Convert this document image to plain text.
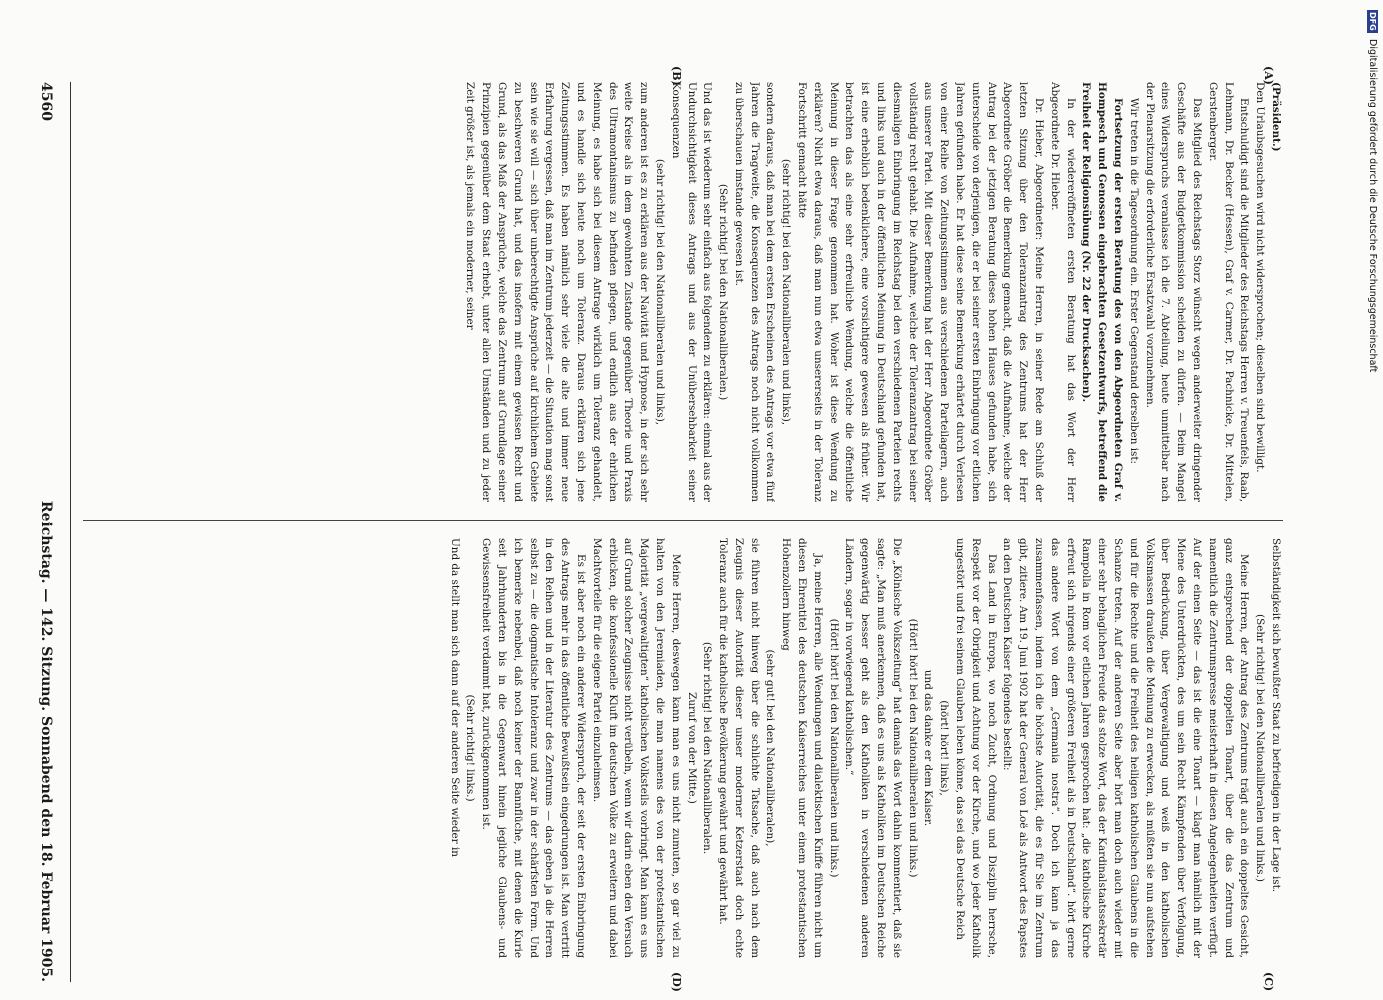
4560
Reichstag. — 142. Sitzung. Sonnabend den 18. Februar 1905.
(A)
(B)
(C)
(D)

(Präsident.)

Den Urlaubsgesuchen wird nicht widersprochen; dieselben sind bewilligt.

Entschuldigt sind die Mitglieder des Reichstags Herren v. Treuenfels, Raab, Lehmann, Dr. Becker (Hessen), Graf v. Carmer, Dr. Pachnicke, Dr. Mittelen, Gerstenberger.

Das Mitglied des Reichstags Storz wünscht wegen anderweiter dringender Geschäfte aus der Budgetkommission scheiden zu dürfen. — Beim Mangel eines Widerspruchs veranlasse ich die 7. Abteilung, heute unmittelbar nach der Plenarsitzung die erforderliche Ersatzwahl vorzunehmen.

Wir treten in die Tagesordnung ein. Erster Gegenstand derselben ist:

Fortsetzung der ersten Beratung des von den Abgeordneten Graf v. Hompesch und Genossen eingebrachten Gesetzentwurfs, betreffend die Freiheit der Religionsübung (Nr. 22 der Drucksachen).

In der wiedereröffneten ersten Beratung hat das Wort der Herr Abgeordnete Dr. Hieber.

Dr. Hieber, Abgeordneter: Meine Herren, in seiner Rede am Schluß der letzten Sitzung über den Toleranzantrag des Zentrums hat der Herr Abgeordnete Gröber die Bemerkung gemacht, daß die Aufnahme, welche der Antrag bei der jetzigen Beratung dieses hohen Hauses gefunden habe, sich unterscheide von derjenigen, die er bei seiner ersten Einbringung vor etlichen Jahren gefunden habe. Er hat diese seine Bemerkung erhärtet durch Verlesen von einer Reihe von Zeitungsstimmen aus verschiedenen Parteilagern, auch aus unserer Partei. Mit dieser Bemerkung hat der Herr Abgeordnete Gröber vollständig recht gehabt. Die Aufnahme, welche der Toleranzantrag bei seiner diesmaligen Einbringung im Reichstag bei den verschiedenen Parteien rechts und links und auch in der öffentlichen Meinung in Deutschland gefunden hat, ist eine erheblich bedenklichere, eine vorsichtigere gewesen als früher. Wir betrachten das als eine sehr erfreuliche Wendung, welche die öffentliche Meinung in dieser Frage genommen hat. Woher ist diese Wendung zu erklären? Nicht etwa daraus, daß man nun etwa unsererseits in der Toleranz Fortschritt gemacht hätte

(sehr richtig! bei den Nationalliberalen und links),

sondern daraus, daß man bei dem ersten Erscheinen des Antrags vor etwa fünf Jahren die Tragweite, die Konsequenzen des Antrags noch nicht vollkommen zu überschauen imstande gewesen ist.

(Sehr richtig! bei den Nationalliberalen.)

Und das ist wiederum sehr einfach aus folgendem zu erklären: einmal aus der Undurchsichtigkeit dieses Antrags und aus der Unübersehbarkeit seiner Konsequenzen

(sehr richtig! bei den Nationalliberalen und links),

zum anderen ist es zu erklären aus der Naivität und Hypnose, in der sich sehr weite Kreise als in dem gewohnten Zustande gegenüber Theorie und Praxis des Ultramontanismus zu befinden pflegen, und endlich aus der ehrlichen Meinung, es habe sich bei diesem Antrage wirklich um Toleranz gehandelt, und es handle sich heute noch um Toleranz. Daraus erklären sich jene Zeitungsstimmen. Es haben nämlich sehr viele die alte und immer neue Erfahrung vergessen, daß man im Zentrum jederzeit — die Situation mag sonst sein wie sie will — sich über unberechtigte Ansprüche auf kirchlichem Gebiete zu beschweren Grund hat, und das insofern mit einem gewissen Recht und Grund, als das Maß der Ansprüche, welche das Zentrum auf Grundlage seiner Prinzipien gegenüber dem Staat erhebt, unter allen Umständen und zu jeder Zeit größer ist, als jemals ein moderner, seiner

Selbständigkeit sich bewußter Staat zu befriedigen in der Lage ist.

(Sehr richtig! bei den Nationalliberalen und links.)

Meine Herren, der Antrag des Zentrums trägt auch ein doppeltes Gesicht, ganz entsprechend der doppelten Tonart, über die das Zentrum und namentlich die Zentrumspresse meisterhaft in diesen Angelegenheiten verfügt. Auf der einen Seite — das ist die eine Tonart — klagt man nämlich mit der Miene des Unterdrückten, des um sein Recht Kämpfenden über Verfolgung, über Bedrückung, über Vergewaltigung und weiß in den katholischen Volksmassen draußen die Meinung zu erwecken, als müßten sie nun aufstehen und für die Rechte und die Freiheit des heiligen katholischen Glaubens in die Schanze treten. Auf der anderen Seite aber hört man doch auch wieder mit einer sehr behaglichen Freude das stolze Wort, das der Kardinalstaatssekretär Rampolla in Rom vor etlichen Jahren gesprochen hat: „die katholische Kirche erfreut sich nirgends einer größeren Freiheit als in Deutschland“. hört gerne das andere Wort von dem „Germania nostra“. Doch ich kann ja das zusammenfassen, indem ich die höchste Autorität, die es für Sie im Zentrum gibt, zitiere. Am 19. Juni 1902 hat der General von Loë als Antwort des Papstes an den Deutschen Kaiser folgendes bestellt:

Das Land in Europa, wo noch Zucht, Ordnung und Disziplin herrsche, Respekt vor der Obrigkeit und Achtung vor der Kirche, und wo jeder Katholik ungestört und frei seinem Glauben leben könne, das sei das Deutsche Reich

(hört! hört! links),

und das danke er dem Kaiser.

(Hört! hört! bei den Nationalliberalen und links.)

Die „Kölnische Volkszeitung“ hat damals das Wort dahin kommentiert, daß sie sagte: „Man muß anerkennen, daß es uns als Katholiken im Deutschen Reiche gegenwärtig besser geht als den Katholiken in verschiedenen anderen Ländern, sogar in vorwiegend katholischen.“

(Hört! hört! bei den Nationalliberalen und links.)

Ja, meine Herren, alle Wendungen und dialektischen Kniffe führen nicht um diesen Ehrentitel des deutschen Kaiserreiches unter einem protestantischen Hohenzollern hinweg

(sehr gut! bei den Nationalliberalen),

sie führen nicht hinweg über die schlichte Tatsache, daß auch nach dem Zeugnis dieser Autorität dieser unser moderner Ketzerstaat doch echte Toleranz auch für die katholische Bevölkerung gewährt und gewährt hat.

(Sehr richtig! bei den Nationalliberalen.

Zuruf von der Mitte.)

Meine Herren, deswegen kann man es uns nicht zumuten, so gar viel zu halten von den Jeremiaden, die man namens des von der protestantischen Majorität „vergewaltigten“ katholischen Volksteils vorbringt. Man kann es uns auf Grund solcher Zeugnisse nicht verübeln, wenn wir darin eben den Versuch erblicken, die konfessionelle Kluft im deutschen Volke zu erweitern und dabei Machtvorteile für die eigene Partei einzuheimsen.

Es ist aber noch ein anderer Widerspruch, der seit der ersten Einbringung des Antrags mehr in das öffentliche Bewußtsein eingedrungen ist. Man vertritt in den Reihen und in der Literatur des Zentrums — das geben ja die Herren selbst zu — die dogmatische Intoleranz und zwar in der schärfsten Form. Und ich bemerke nebenbei, daß noch keiner der Bannflüche, mit denen die Kurie seit Jahrhunderten bis in die Gegenwart hinein jegliche Glaubens- und Gewissensfreiheit verdammt hat, zurückgenommen ist.

(Sehr richtig! links.)

Und da stellt man sich dann auf der anderen Seite wieder in

DFG
Digitalisierung gefördert durch die Deutsche Forschungsgemeinschaft
